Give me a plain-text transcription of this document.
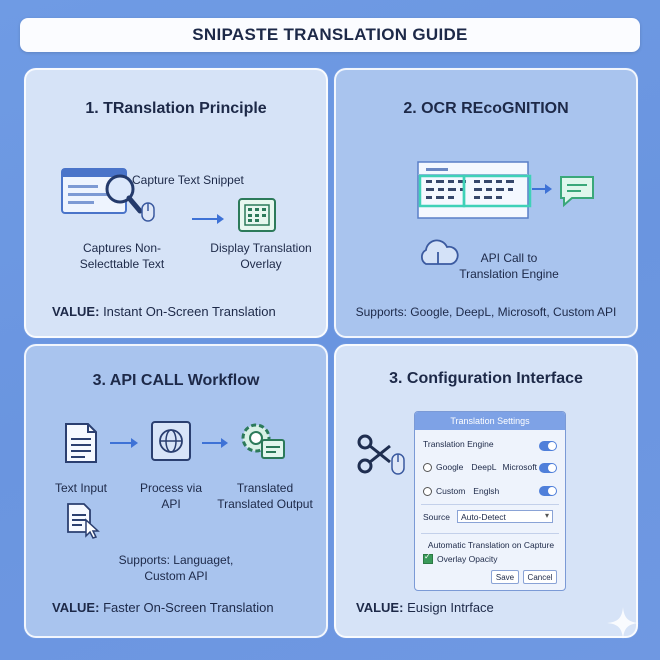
SNIPASTE TRANSLATION GUIDE
1. TRanslation Principle
Capture Text Snippet
Captures Non-Selecttable Text
Display Translation Overlay
VALUE: Instant On-Screen Translation
2. OCR REcoGNITION
API Call to Translation Engine
Supports: Google, DeepL, Microsoft, Custom API
3. API CALL Workflow
Text Input	Process via API
Translated Translated Output
Supports: Languaget, Custom API
VALUE: Faster On-Screen Translation
3. Configuration Interface
VALUE: Eusign Intrface
Translation Settings
Translation Engine
Google DeepL Microsoft
Custom Englsh
Source Auto-Detect
▾
Automatic Translation on Capture
✓
Overlay Opacity
Save	Cancel
